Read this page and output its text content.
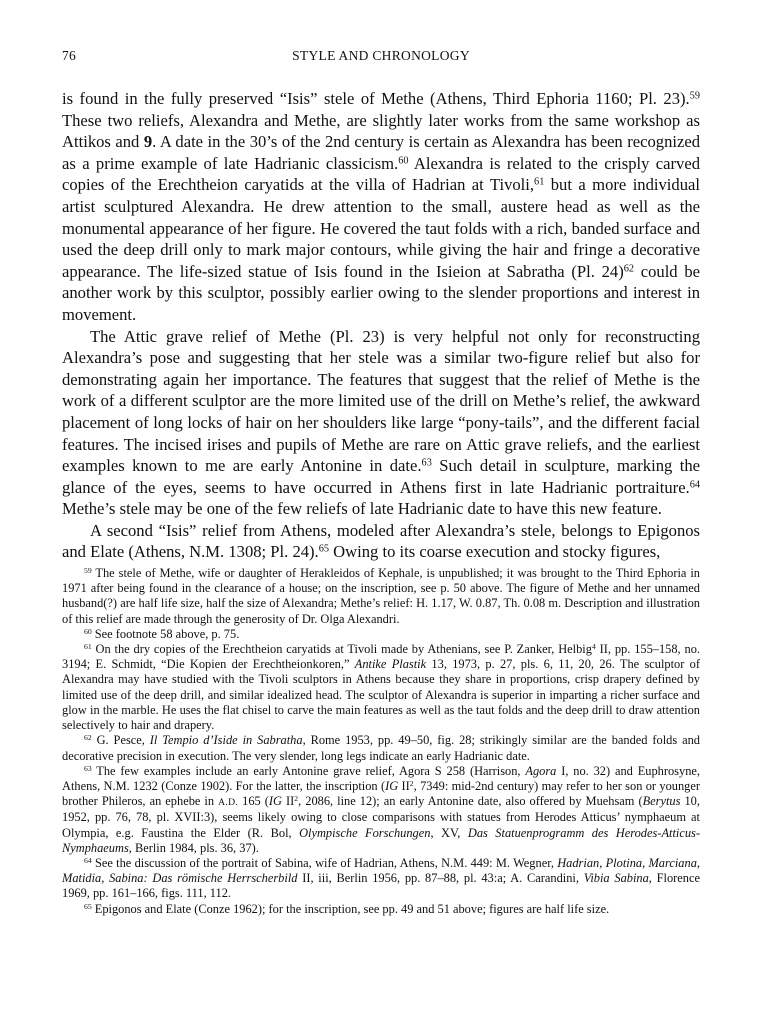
76	STYLE AND CHRONOLOGY

is found in the fully preserved “Isis” stele of Methe (Athens, Third Ephoria 1160; Pl. 23).$^{59}$ These two reliefs, Alexandra and Methe, are slightly later works from the same workshop as Attikos and 9. A date in the 30’s of the 2nd century is certain as Alexandra has been recognized as a prime example of late Hadrianic classicism.$^{60}$ Alexandra is related to the crisply carved copies of the Erechtheion caryatids at the villa of Hadrian at Tivoli,$^{61}$ but a more individual artist sculptured Alexandra. He drew attention to the small, austere head as well as the monumental appearance of her figure. He covered the taut folds with a rich, banded surface and used the deep drill only to mark major contours, while giving the hair and fringe a decorative appearance. The life-sized statue of Isis found in the Isieion at Sabratha (Pl. 24)$^{62}$ could be another work by this sculptor, possibly earlier owing to the slender proportions and interest in movement.

The Attic grave relief of Methe (Pl. 23) is very helpful not only for reconstructing Alexandra’s pose and suggesting that her stele was a similar two-figure relief but also for demonstrating again her importance. The features that suggest that the relief of Methe is the work of a different sculptor are the more limited use of the drill on Methe’s relief, the awkward placement of long locks of hair on her shoulders like large “pony-tails”, and the different facial features. The incised irises and pupils of Methe are rare on Attic grave reliefs, and the earliest examples known to me are early Antonine in date.$^{63}$ Such detail in sculpture, marking the glance of the eyes, seems to have occurred in Athens first in late Hadrianic portraiture.$^{64}$ Methe’s stele may be one of the few reliefs of late Hadrianic date to have this new feature.

A second “Isis” relief from Athens, modeled after Alexandra’s stele, belongs to Epigonos and Elate (Athens, N.M. 1308; Pl. 24).$^{65}$ Owing to its coarse execution and stocky figures,

$^{59}$ The stele of Methe, wife or daughter of Herakleidos of Kephale, is unpublished; it was brought to the Third Ephoria in 1971 after being found in the clearance of a house; on the inscription, see p. 50 above. The figure of Methe and her unnamed husband(?) are half life size, half the size of Alexandra; Methe’s relief: H. 1.17, W. 0.87, Th. 0.08 m. Description and illustration of this relief are made through the generosity of Dr. Olga Alexandri.

$^{60}$ See footnote 58 above, p. 75.

$^{61}$ On the dry copies of the Erechtheion caryatids at Tivoli made by Athenians, see P. Zanker, Helbig$^4$ II, pp. 155–158, no. 3194; E. Schmidt, “Die Kopien der Erechtheionkoren,” Antike Plastik 13, 1973, p. 27, pls. 6, 11, 20, 26. The sculptor of Alexandra may have studied with the Tivoli sculptors in Athens because they share in proportions, crisp drapery defined by limited use of the deep drill, and similar idealized head. The sculptor of Alexandra is superior in imparting a richer surface and glow in the marble. He uses the flat chisel to carve the main features as well as the taut folds and the deep drill to draw attention selectively to hair and drapery.

$^{62}$ G. Pesce, Il Tempio d’Iside in Sabratha, Rome 1953, pp. 49–50, fig. 28; strikingly similar are the banded folds and decorative precision in execution. The very slender, long legs indicate an early Hadrianic date.

$^{63}$ The few examples include an early Antonine grave relief, Agora S 258 (Harrison, Agora I, no. 32) and Euphrosyne, Athens, N.M. 1232 (Conze 1902). For the latter, the inscription (IG $II^2$, 7349: mid-2nd century) may refer to her son or younger brother Phileros, an ephebe in A.D. 165 (IG $II^2$, 2086, line 12); an early Antonine date, also offered by Muehsam (Berytus 10, 1952, pp. 76, 78, pl. XVII:3), seems likely owing to close comparisons with statues from Herodes Atticus’ nymphaeum at Olympia, e.g. Faustina the Elder (R. Bol, Olympische Forschungen, XV, Das Statuenprogramm des Herodes-Atticus-Nymphaeums, Berlin 1984, pls. 36, 37).

$^{64}$ See the discussion of the portrait of Sabina, wife of Hadrian, Athens, N.M. 449: M. Wegner, Hadrian, Plotina, Marciana, Matidia, Sabina: Das römische Herrscherbild II, iii, Berlin 1956, pp. 87–88, pl. 43:a; A. Carandini, Vibia Sabina, Florence 1969, pp. 161–166, figs. 111, 112.

$^{65}$ Epigonos and Elate (Conze 1962); for the inscription, see pp. 49 and 51 above; figures are half life size.
